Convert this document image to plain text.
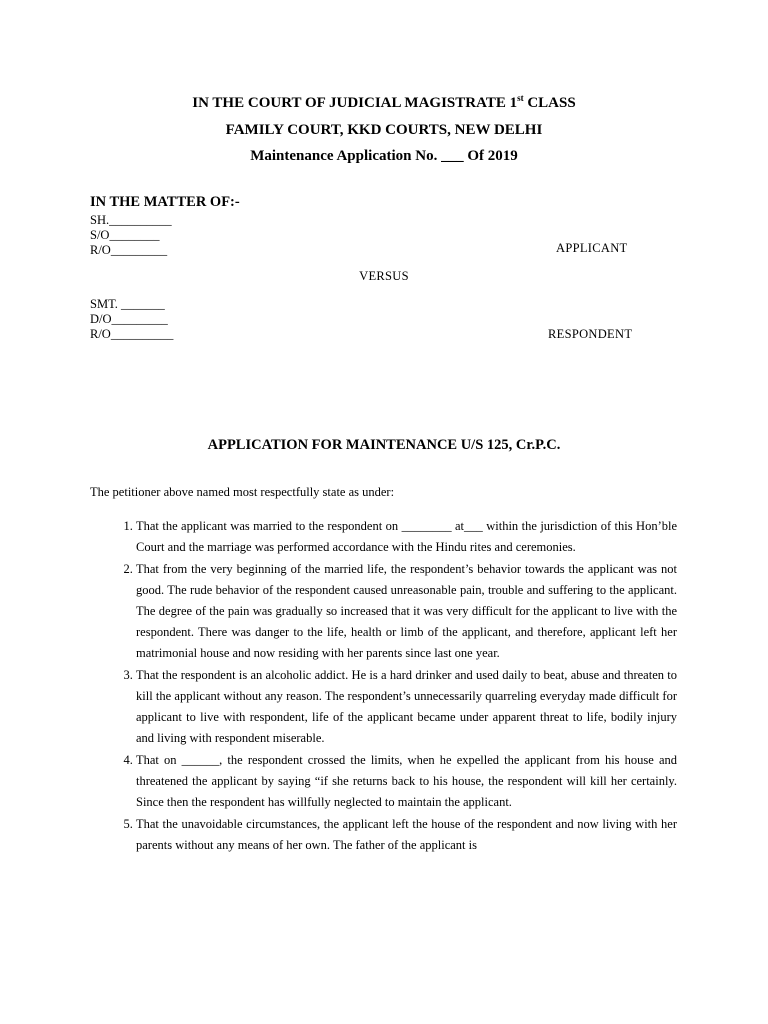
IN THE COURT OF JUDICIAL MAGISTRATE 1st CLASS
FAMILY COURT, KKD COURTS, NEW DELHI
Maintenance Application No. ___ Of 2019
IN THE MATTER OF:-
SH.__________
S/O________
R/O_________	APPLICANT
VERSUS
SMT. _______
D/O_________
R/O__________	RESPONDENT
APPLICATION FOR MAINTENANCE U/S 125, Cr.P.C.
The petitioner above named most respectfully state as under:
1. That the applicant was married to the respondent on ________ at___ within the jurisdiction of this Hon’ble Court and the marriage was performed accordance with the Hindu rites and ceremonies.
2. That from the very beginning of the married life, the respondent’s behavior towards the applicant was not good. The rude behavior of the respondent caused unreasonable pain, trouble and suffering to the applicant. The degree of the pain was gradually so increased that it was very difficult for the applicant to live with the respondent. There was danger to the life, health or limb of the applicant, and therefore, applicant left her matrimonial house and now residing with her parents since last one year.
3. That the respondent is an alcoholic addict. He is a hard drinker and used daily to beat, abuse and threaten to kill the applicant without any reason. The respondent’s unnecessarily quarreling everyday made difficult for applicant to live with respondent, life of the applicant became under apparent threat to life, bodily injury and living with respondent miserable.
4. That on ______, the respondent crossed the limits, when he expelled the applicant from his house and threatened the applicant by saying “if she returns back to his house, the respondent will kill her certainly. Since then the respondent has willfully neglected to maintain the applicant.
5. That the unavoidable circumstances, the applicant left the house of the respondent and now living with her parents without any means of her own. The father of the applicant is
